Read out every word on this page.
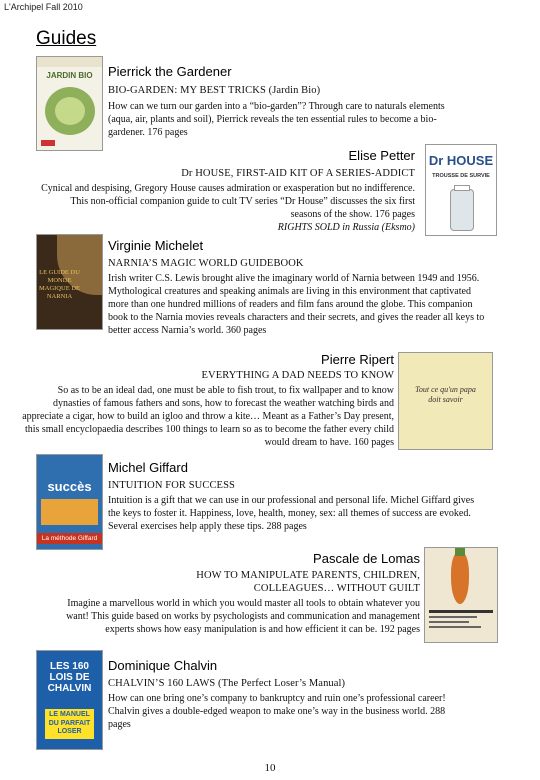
L'Archipel Fall 2010
Guides
JARDIN BIO	Pierrick the Gardener
BIO-GARDEN: MY BEST TRICKS (Jardin Bio)
How can we turn our garden into a “bio-garden”? Through care to naturals elements (aqua, air, plants and soil), Pierrick reveals the ten essential rules to become a bio-gardener. 176 pages
Dr HOUSE
TROUSSE DE SURVIE
Elise Petter
Dr HOUSE, FIRST-AID KIT OF A SERIES-ADDICT
Cynical and despising, Gregory House causes admiration or exasperation but no indifference. This non-official companion guide to cult TV series “Dr House” discusses the six first seasons of the show. 176 pages
RIGHTS SOLD in Russia (Eksmo)
LE GUIDE DU MONDE MAGIQUE DE NARNIA
Virginie Michelet
NARNIA’S MAGIC WORLD GUIDEBOOK
Irish writer C.S. Lewis brought alive the imaginary world of Narnia between 1949 and 1956. Mythological creatures and speaking animals are living in this environment that captivated more than one hundred millions of readers and film fans around the globe. This companion book to the Narnia movies reveals characters and their secrets, and gives the reader all keys to better access Narnia’s world. 360 pages
Tout ce qu'un papa doit savoir
Pierre Ripert
EVERYTHING A DAD NEEDS TO KNOW
So as to be an ideal dad, one must be able to fish trout, to fix wallpaper and to know dynasties of famous fathers and sons, how to forecast the weather watching birds and appreciate a cigar, how to build an igloo and throw a kite… Meant as a Father’s Day present, this small encyclopaedia describes 100 things to learn so as to become the father every child would dream to have. 160 pages
succès
La méthode Giffard
Michel Giffard
INTUITION FOR SUCCESS
Intuition is a gift that we can use in our professional and personal life. Michel Giffard gives the keys to foster it. Happiness, love, health, money, sex: all themes of success are evoked. Several exercises help apply these tips. 288 pages
Pascale de Lomas
HOW TO MANIPULATE PARENTS, CHILDREN,
COLLEAGUES… WITHOUT GUILT
Imagine a marvellous world in which you would master all tools to obtain whatever you want! This guide based on works by psychologists and communication and management experts shows how easy manipulation is and how efficient it can be. 192 pages
LES 160 LOIS DE CHALVIN
LE MANUEL DU PARFAIT LOSER
Dominique Chalvin
CHALVIN’S 160 LAWS (The Perfect Loser’s Manual)
How can one bring one’s company to bankruptcy and ruin one’s professional career! Chalvin gives a double-edged weapon to make one’s way in the business world. 288 pages
10
